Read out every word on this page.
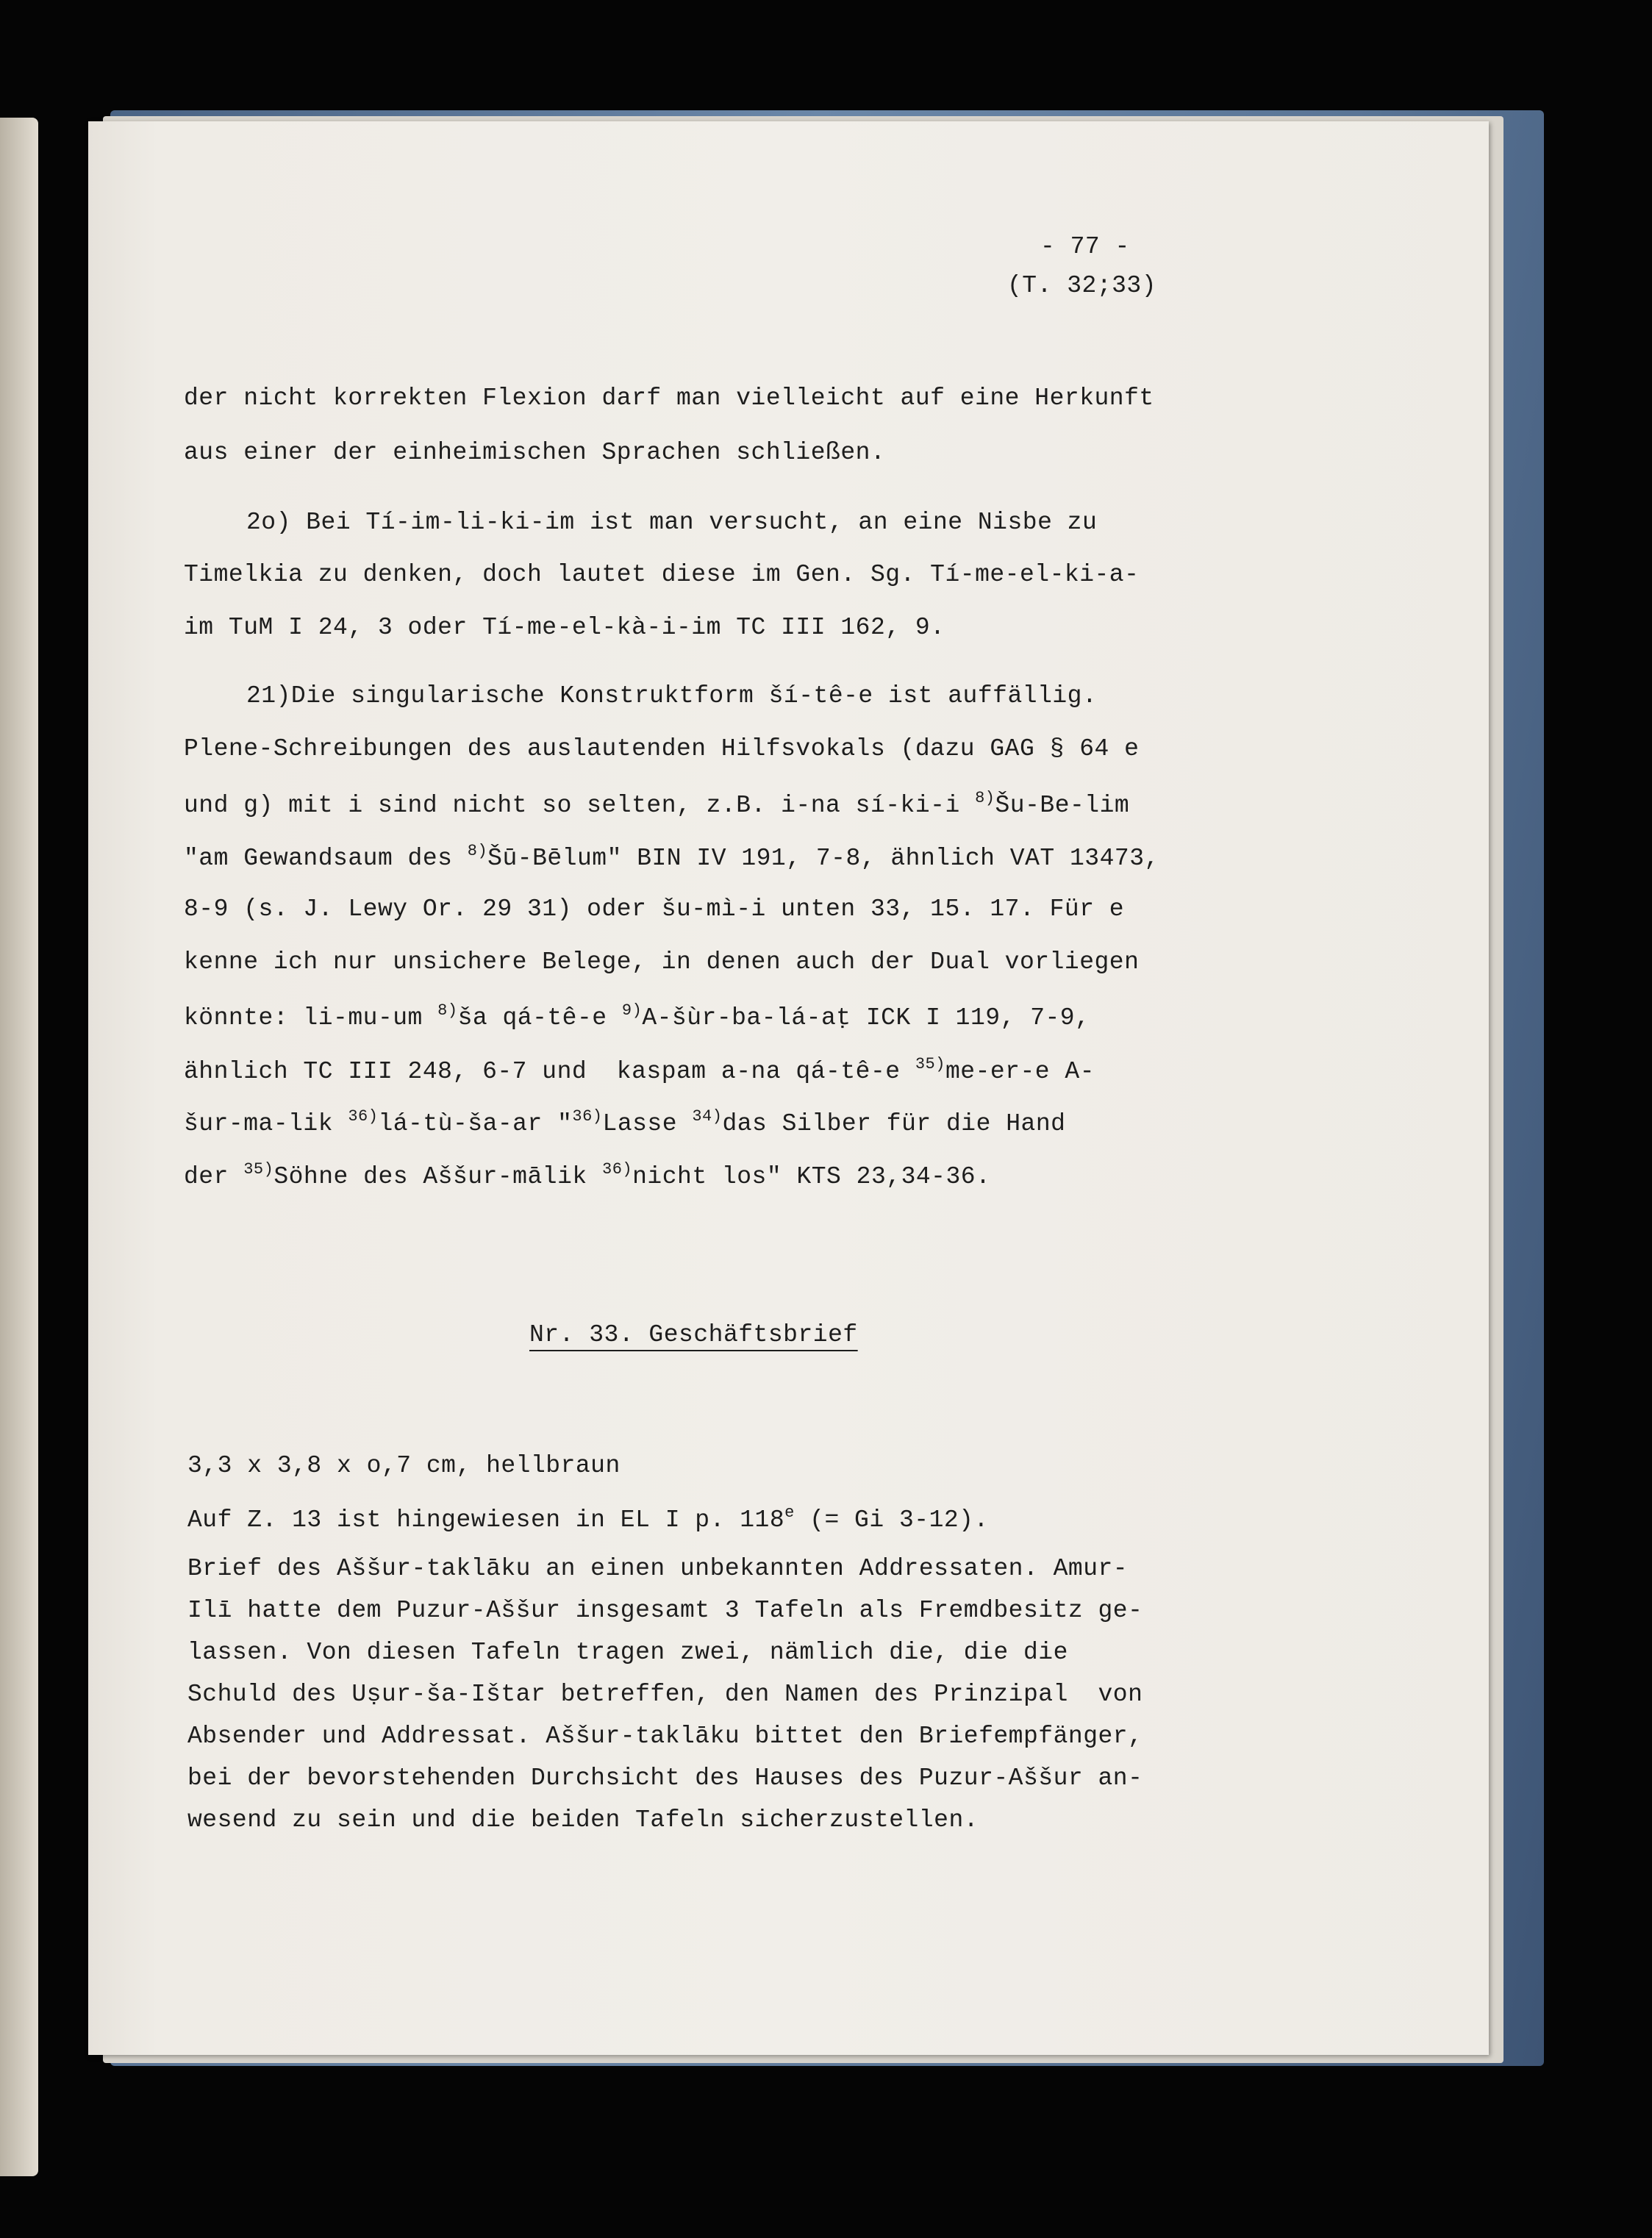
- 77 -
(T. 32;33)
der nicht korrekten Flexion darf man vielleicht auf eine Herkunft
aus einer der einheimischen Sprachen schließen.
2o) Bei Tí-im-li-ki-im ist man versucht, an eine Nisbe zu
Timelkia zu denken, doch lautet diese im Gen. Sg. Tí-me-el-ki-a-
im TuM I 24, 3 oder Tí-me-el-kà-i-im TC III 162, 9.
21)Die singularische Konstruktform ší-tê-e ist auffällig.
Plene-Schreibungen des auslautenden Hilfsvokals (dazu GAG § 64 e
und g) mit i sind nicht so selten, z.B. i-na sí-ki-i $^{8)}$Šu-Be-lim
"am Gewandsaum des $^{8)}$Šū-Bēlum" BIN IV 191, 7-8, ähnlich VAT 13473,
8-9 (s. J. Lewy Or. 29 31) oder šu-mì-i unten 33, 15. 17. Für e
kenne ich nur unsichere Belege, in denen auch der Dual vorliegen
könnte: li-mu-um $^{8)}$ša qá-tê-e $^{9)}$A-šùr-ba-lá-aṭ ICK I 119, 7-9,
ähnlich TC III 248, 6-7 und  kaspam a-na qá-tê-e $^{35)}$me-er-e A-
šur-ma-lik $^{36)}$lá-tù-ša-ar "$^{36)}$Lasse $^{34)}$das Silber für die Hand
der $^{35)}$Söhne des Aššur-mālik $^{36)}$nicht los" KTS 23,34-36.
Nr. 33. Geschäftsbrief
3,3 x 3,8 x o,7 cm, hellbraun
Auf Z. 13 ist hingewiesen in EL I p. 118e (= Gi 3-12).
Brief des Aššur-taklāku an einen unbekannten Addressaten. Amur-
Ilī hatte dem Puzur-Aššur insgesamt 3 Tafeln als Fremdbesitz ge-
lassen. Von diesen Tafeln tragen zwei, nämlich die, die die
Schuld des Uṣur-ša-Ištar betreffen, den Namen des Prinzipal  von
Absender und Addressat. Aššur-taklāku bittet den Briefempfänger,
bei der bevorstehenden Durchsicht des Hauses des Puzur-Aššur an-
wesend zu sein und die beiden Tafeln sicherzustellen.
